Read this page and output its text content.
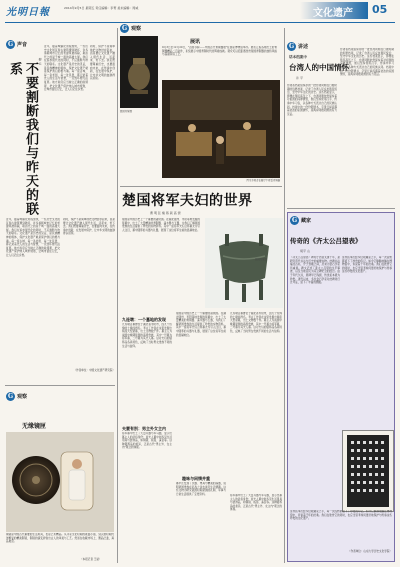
光明日報	2014年9月5日 星期五 责任编辑：李菁 美术编辑：周威	文化遗产 05
G 声音
柳 云
不要割断我们与昨天的联系
近年，随着城镇化进程加快，一些历史文化街区和古建筑遭到破坏，许多承载城市记忆的老建筑被拆除，取而代之的是千城一面的高楼大厦。我们在追求现代化的同时，不应割断与昨天的联系。文化遗产是历史的见证，是民族精神的载体，保护文化遗产就是保护我们的根与魂。每一座古城、每一条老街、每一处民居，都记录着先人的生活与智慧，一旦毁坏便无法复原。地方政府应当树立正确的政绩观，把文化遗产保护纳入城市规划，让城市留住记忆，让人们记住乡愁。
同时，保护不是简单地把文物封存起来，而是要让文化遗产融入现代生活，活起来、传下去。我们既要尊重历史，也要面向未来，在传承中创新，在发展中保护，让中华文明的血脉得以延续。
近年，随着城镇化进程加快，一些历史文化街区和古建筑遭到破坏，许多承载城市记忆的老建筑被拆除，取而代之的是千城一面的高楼大厦。我们在追求现代化的同时，不应割断与昨天的联系。文化遗产是历史的见证，是民族精神的载体，保护文化遗产就是保护我们的根与魂。每一座古城、每一条老街、每一处民居，都记录着先人的生活与智慧，一旦毁坏便无法复原。地方政府应当树立正确的政绩观，把文化遗产保护纳入城市规划，让城市留住记忆，让人们记住乡愁。
同时，保护不是简单地把文物封存起来，而是要让文化遗产融入现代生活，活起来、传下去。我们既要尊重历史，也要面向未来，在传承中创新，在发展中保护，让中华文明的血脉得以延续。
（作者单位：中国文化遗产研究院）
G 观察
无缘镜匣
铜镜是中国古代重要的生活用具，也是艺术精品。从齐家文化时期的素面小镜，到汉唐时期纹饰繁复的精美铜镜，铜镜的演变折射出古人的审美与工艺。然而在收藏市场上，赝品泛滥，真品难觅。
（本报记者 王斌）
G 观察
楚国青铜鼎
展讯
9月3日至12月20日，"古国寻踪——中国古代青铜器展"在国家博物馆举办。展览汇集各地出土的青铜器精品二百余件，系统展示中国青铜时代的辉煌成就。观众可以近距离欣赏楚国青铜器的独特风格与高超铸造工艺。
图为参观者在展厅中观看青铜器
楚国将军夫妇的世界
曹 明 张 楠 蒋 颖 高 源
楚国是中国历史上一个重要的诸侯国。在湖北随州、枣阳等地发掘的楚墓中，出土了大量精美的青铜器、漆木器与玉器，为我们了解楚国贵族的生活提供了珍贵的实物资料。其中一座将军夫妇合葬墓尤为引人注目，墓中随葬的兵器与礼器，展现了这位将军生前的显赫地位。
楚国青铜鼎
九连墩：一个墓地的发现
九连墩古墓群位于湖北省枣阳市，因九个连绵的土墩而得名。考古工作者在这里发掘出两座大型楚墓，出土文物数千件。墓主人为战国中晚期楚国的高级贵族，其中一号墓为将军墓，二号墓为其夫人墓。这对夫妇的随葬品各具特色，反映了当时男女贵族不同的生活与信仰。
楚国是中国历史上一个重要的诸侯国。在湖北随州、枣阳等地发掘的楚墓中，出土了大量精美的青铜器、漆木器与玉器，为我们了解楚国贵族的生活提供了珍贵的实物资料。其中一座将军夫妇合葬墓尤为引人注目，墓中随葬的兵器与礼器，展现了这位将军生前的显赫地位。
九连墩古墓群位于湖北省枣阳市，因九个连绵的土墩而得名。考古工作者在这里发掘出两座大型楚墓，出土文物数千件。墓主人为战国中晚期楚国的高级贵族，其中一号墓为将军墓，二号墓为其夫人墓。这对夫妇的随葬品各具特色，反映了当时男女贵族不同的生活与信仰。
夫妻有别：男主外女主内
将军墓中出土了大量兵器与车马器，显示出墓主人的武将身份；而夫人墓中则多见生活用具与装饰品，如铜镜、梳篦、漆奁等。这种随葬品的差异，正是古代"男主外、女主内"观念的体现。
趣味与闲情并重
墓中还发现了乐器、博具与精美的漆器，说明楚国贵族在征战之余也讲究生活情趣。这些文物为研究战国时期楚国的礼制、军事与日常生活提供了宝贵资料。	将军墓中出土了大量兵器与车马器，显示出墓主人的武将身份；而夫人墓中则多见生活用具与装饰品，如铜镜、梳篦、漆奁等。这种随葬品的差异，正是古代"男主外、女主内"观念的体现。
G 讲述
话本档案中
台湾人的中国情怀
许 平
台湾省档案馆保存的一批台湾同胞在日据时期的诉愿档案，记录了台湾人民反抗殖民统治、坚守中华文化的历史。这些档案显示，即便在殖民高压之下，台湾同胞依然保持着对祖国的深厚情感，他们坚持使用汉字、传承中华习俗，以各种方式表达自己的民族认同。档案中的一份份陈情书，字里行间流露着浓浓的家国情怀，是两岸同根同源的有力见证。
台湾省档案馆保存的一批台湾同胞在日据时期的诉愿档案，记录了台湾人民反抗殖民统治、坚守中华文化的历史。这些档案显示，即便在殖民高压之下，台湾同胞依然保持着对祖国的深厚情感，他们坚持使用汉字、传承中华习俗，以各种方式表达自己的民族认同。档案中的一份份陈情书，字里行间流露着浓浓的家国情怀，是两岸同根同源的有力见证。
G 藏家
传奇的《齐太公吕望表》
胡平 山
《齐太公吕望表》碑刻于西晋太康十年，是研究晋代书法与历史的重要实物。此碑书法端庄古朴，介于隶楷之间，历来为金石学家所重视。碑文记述了姜太公吕望的生平事迹，以及当地官民为其立碑纪念的经过。由于年代久远，原碑早已残损，传世拓本极为珍贵。清代以来，多位金石学家对此碑进行过考证，留下了丰富的题跋。
这件拓本历经多位收藏家之手，每一次流转都留下了珍贵的印记。如今它静静地躺在博物馆中，诉说着千年的沧桑。我们在欣赏它的同时，也应当思考如何更好地保护与传承这些珍贵的文化遗产。
这件拓本历经多位收藏家之手，每一次流转都留下了珍贵的印记。如今它静静地躺在博物馆中，诉说着千年的沧桑。我们在欣赏它的同时，也应当思考如何更好地保护与传承这些珍贵的文化遗产。
（作者单位：山东大学历史文化学院）
